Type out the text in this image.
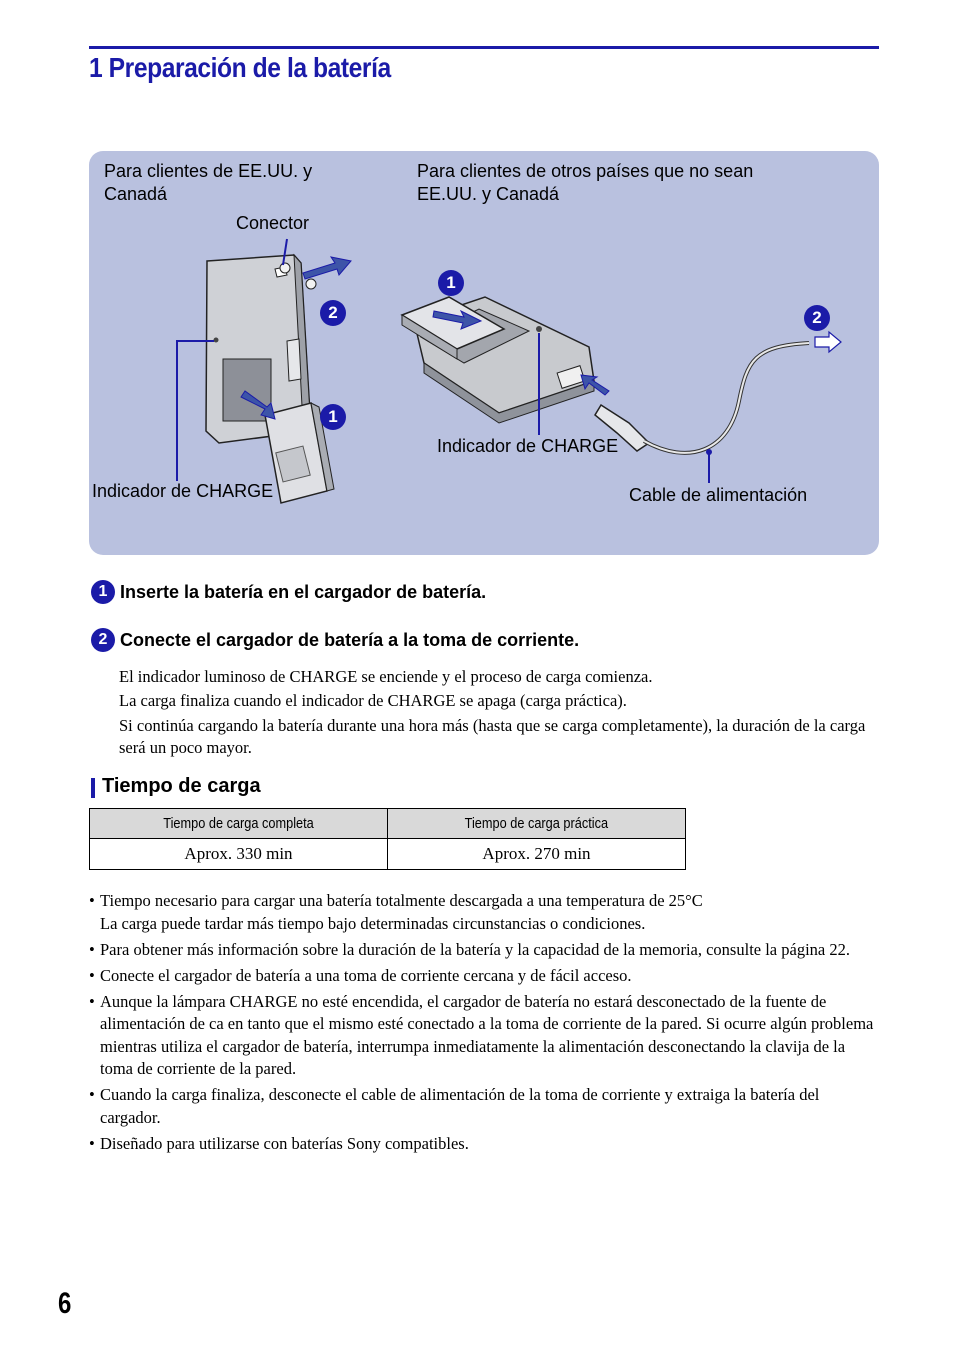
1 Preparación de la batería
Para clientes de EE.UU. y
Canadá
Para clientes de otros países que no sean
EE.UU. y Canadá
Conector
Indicador de CHARGE
Indicador de CHARGE
Cable de alimentación
2
1
1
2
1 Inserte la batería en el cargador de batería.
2 Conecte el cargador de batería a la toma de corriente.
El indicador luminoso de CHARGE se enciende y el proceso de carga comienza.
La carga finaliza cuando el indicador de CHARGE se apaga (carga práctica).
Si continúa cargando la batería durante una hora más (hasta que se carga completamente), la duración de la carga será un poco mayor.
Tiempo de carga
Tiempo de carga completa	Tiempo de carga práctica
Aprox. 330 min	Aprox. 270 min
• Tiempo necesario para cargar una batería totalmente descargada a una temperatura de 25°C
La carga puede tardar más tiempo bajo determinadas circunstancias o condiciones.
• Para obtener más información sobre la duración de la batería y la capacidad de la memoria, consulte la página 22.
• Conecte el cargador de batería a una toma de corriente cercana y de fácil acceso.
• Aunque la lámpara CHARGE no esté encendida, el cargador de batería no estará desconectado de la fuente de alimentación de ca en tanto que el mismo esté conectado a la toma de corriente de la pared. Si ocurre algún problema mientras utiliza el cargador de batería, interrumpa inmediatamente la alimentación desconectando la clavija de la toma de corriente de la pared.
• Cuando la carga finaliza, desconecte el cable de alimentación de la toma de corriente y extraiga la batería del cargador.
• Diseñado para utilizarse con baterías Sony compatibles.
6
